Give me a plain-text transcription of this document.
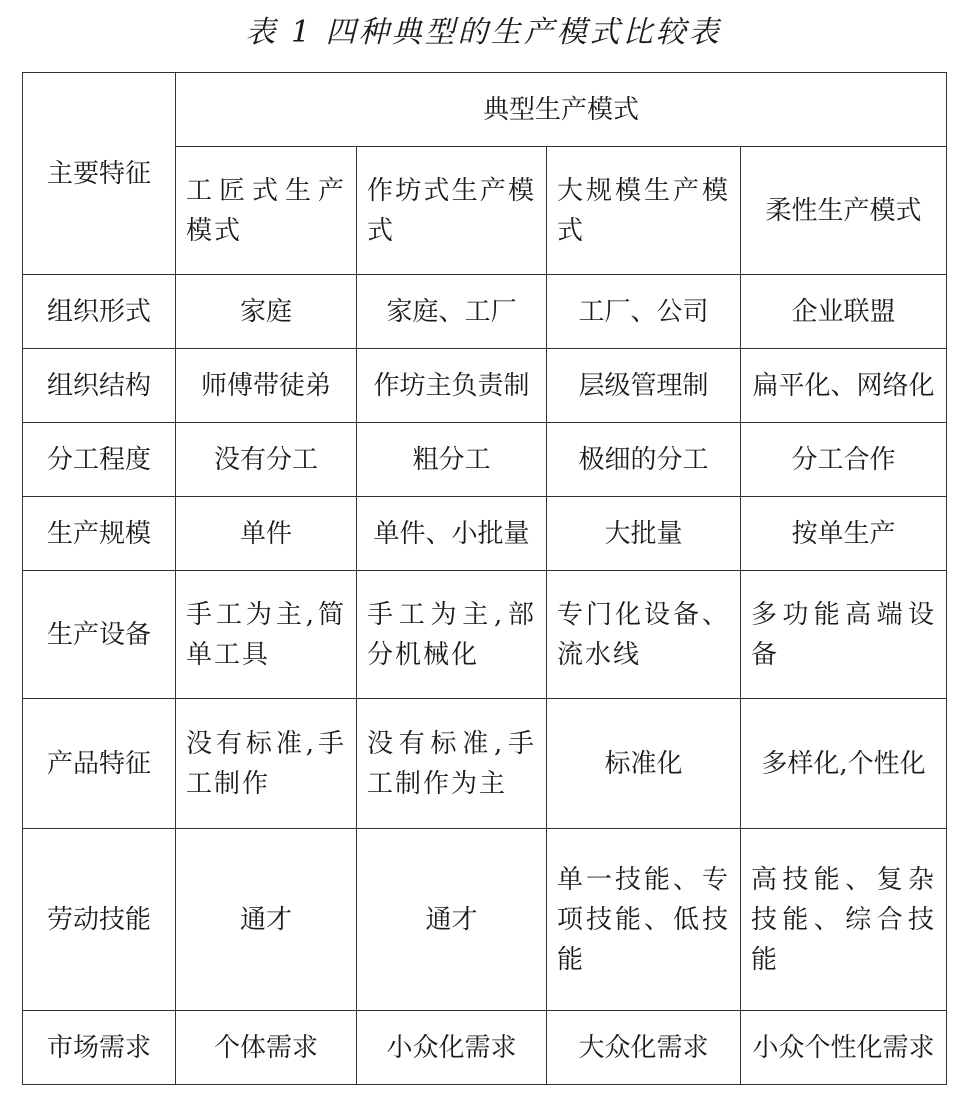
表 1 四种典型的生产模式比较表
主要特征	典型生产模式			
	工匠式生产模式	作坊式生产模式	大规模生产模式	柔性生产模式
组织形式	家庭	家庭、工厂	工厂、公司	企业联盟
组织结构	师傅带徒弟	作坊主负责制	层级管理制	扁平化、网络化
分工程度	没有分工	粗分工	极细的分工	分工合作
生产规模	单件	单件、小批量	大批量	按单生产
生产设备	手工为主,简单工具	手工为主,部分机械化	专门化设备、流水线	多功能高端设备
产品特征	没有标准,手工制作	没有标准,手工制作为主	标准化	多样化,个性化
劳动技能	通才	通才	单一技能、专项技能、低技能	高技能、复杂技能、综合技能
市场需求	个体需求	小众化需求	大众化需求	小众个性化需求
